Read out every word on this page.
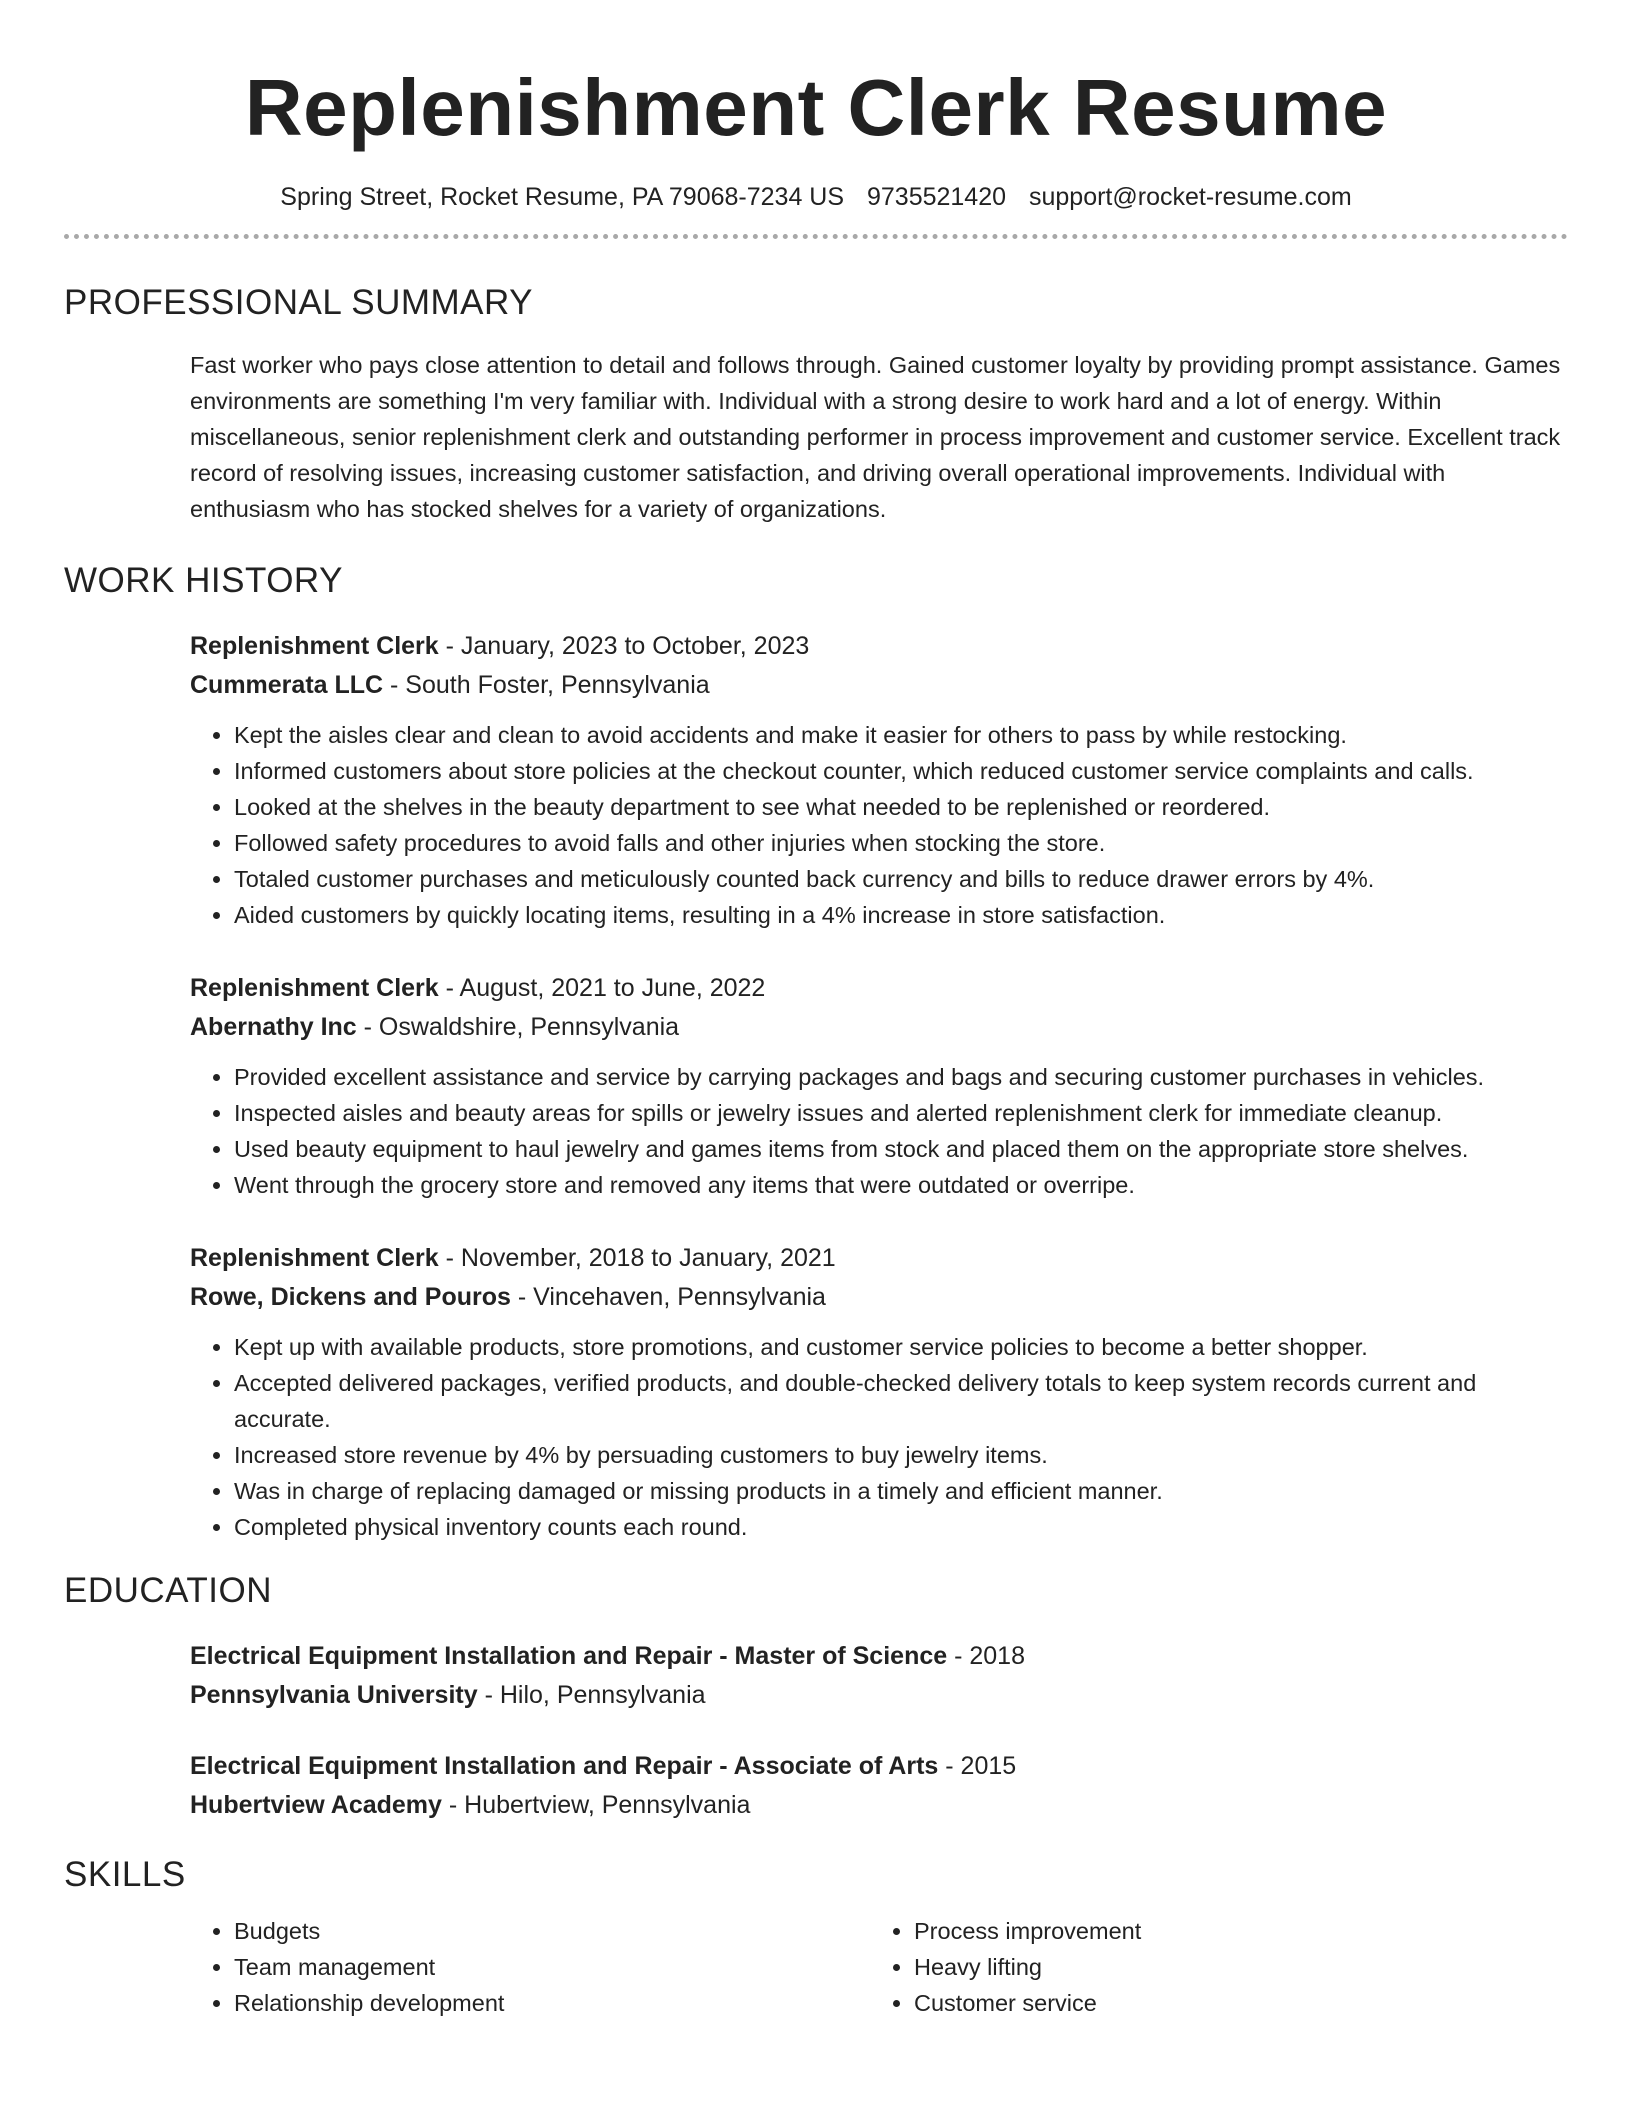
Replenishment Clerk Resume
Spring Street, Rocket Resume, PA 79068-7234 US 9735521420 support@rocket-resume.com
PROFESSIONAL SUMMARY
Fast worker who pays close attention to detail and follows through. Gained customer loyalty by providing prompt assistance. Games environments are something I'm very familiar with. Individual with a strong desire to work hard and a lot of energy. Within miscellaneous, senior replenishment clerk and outstanding performer in process improvement and customer service. Excellent track record of resolving issues, increasing customer satisfaction, and driving overall operational improvements. Individual with enthusiasm who has stocked shelves for a variety of organizations.
WORK HISTORY
Replenishment Clerk - January, 2023 to October, 2023
Cummerata LLC - South Foster, Pennsylvania
• Kept the aisles clear and clean to avoid accidents and make it easier for others to pass by while restocking.
• Informed customers about store policies at the checkout counter, which reduced customer service complaints and calls.
• Looked at the shelves in the beauty department to see what needed to be replenished or reordered.
• Followed safety procedures to avoid falls and other injuries when stocking the store.
• Totaled customer purchases and meticulously counted back currency and bills to reduce drawer errors by 4%.
• Aided customers by quickly locating items, resulting in a 4% increase in store satisfaction.
Replenishment Clerk - August, 2021 to June, 2022
Abernathy Inc - Oswaldshire, Pennsylvania
• Provided excellent assistance and service by carrying packages and bags and securing customer purchases in vehicles.
• Inspected aisles and beauty areas for spills or jewelry issues and alerted replenishment clerk for immediate cleanup.
• Used beauty equipment to haul jewelry and games items from stock and placed them on the appropriate store shelves.
• Went through the grocery store and removed any items that were outdated or overripe.
Replenishment Clerk - November, 2018 to January, 2021
Rowe, Dickens and Pouros - Vincehaven, Pennsylvania
• Kept up with available products, store promotions, and customer service policies to become a better shopper.
• Accepted delivered packages, verified products, and double-checked delivery totals to keep system records current and accurate.
• Increased store revenue by 4% by persuading customers to buy jewelry items.
• Was in charge of replacing damaged or missing products in a timely and efficient manner.
• Completed physical inventory counts each round.
EDUCATION
Electrical Equipment Installation and Repair - Master of Science - 2018
Pennsylvania University - Hilo, Pennsylvania
Electrical Equipment Installation and Repair - Associate of Arts - 2015
Hubertview Academy - Hubertview, Pennsylvania
SKILLS
• Budgets
• Team management
• Relationship development
• Process improvement
• Heavy lifting
• Customer service
